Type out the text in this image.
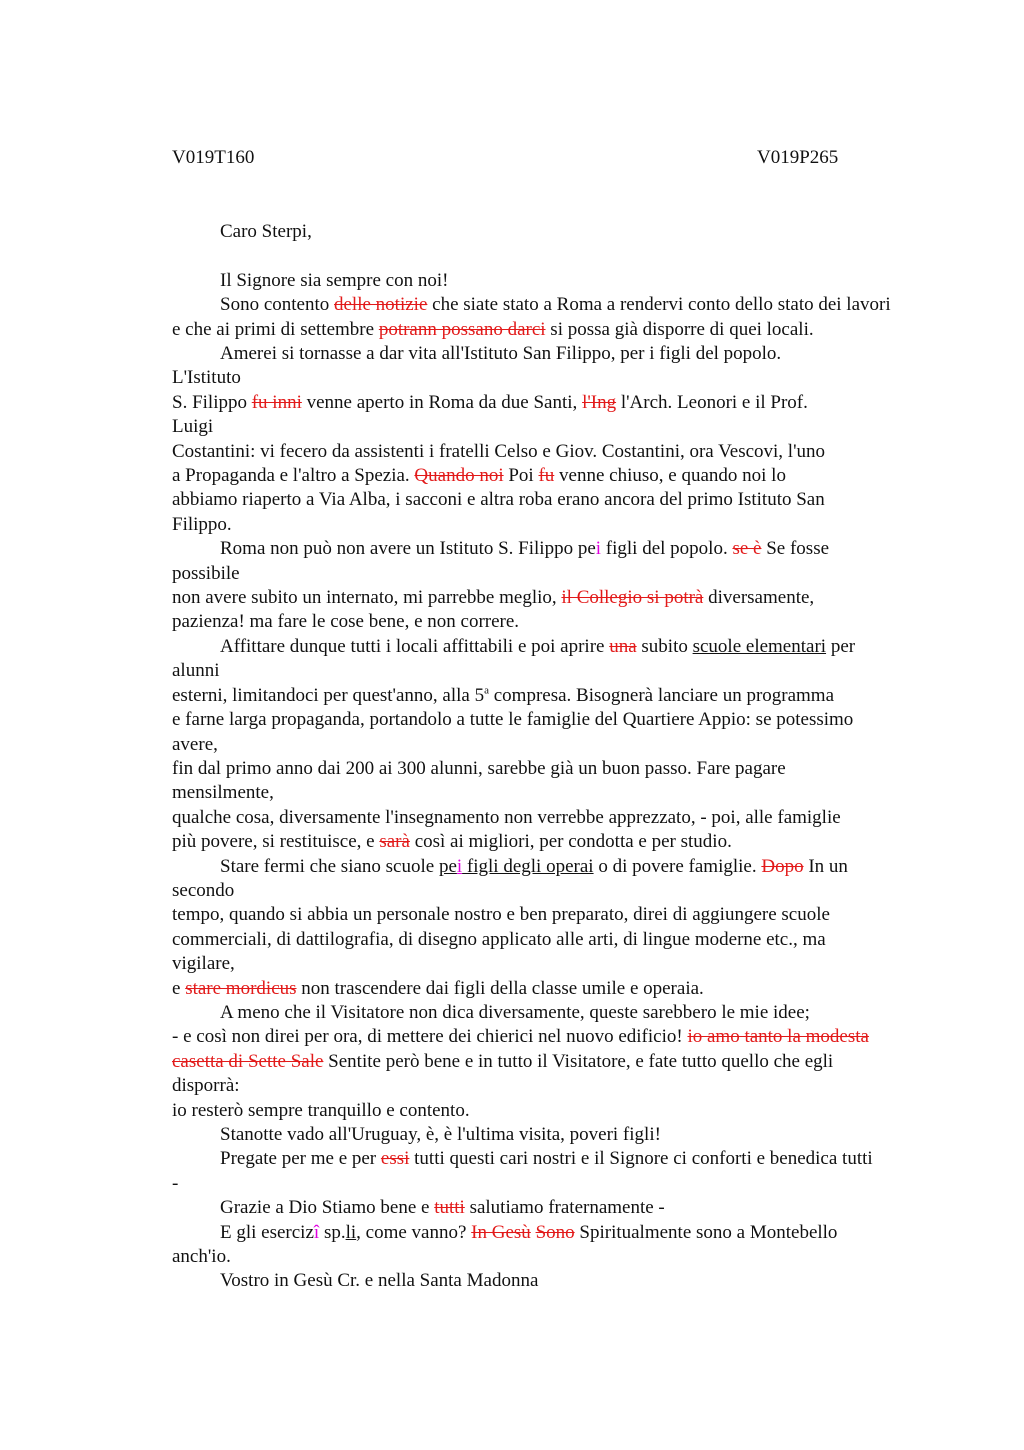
V019T160	V019P265
Caro Sterpi,
Il Signore sia sempre con noi!
Sono contento delle notizie che siate stato a Roma a rendervi conto dello stato dei lavori
e che ai primi di settembre potrann possano darci si possa già disporre di quei locali.
Amerei si tornasse a dar vita all'Istituto San Filippo, per i figli del popolo.
L'Istituto
S. Filippo fu inni venne aperto in Roma da due Santi, l'Ing l'Arch. Leonori e il Prof.
Luigi
Costantini: vi fecero da assistenti i fratelli Celso e Giov. Costantini, ora Vescovi, l'uno
a Propaganda e l'altro a Spezia. Quando noi Poi fu venne chiuso, e quando noi lo
abbiamo riaperto a Via Alba, i sacconi e altra roba erano ancora del primo Istituto San
Filippo.
Roma non può non avere un Istituto S. Filippo pei figli del popolo. se è Se fosse
possibile
non avere subito un internato, mi parrebbe meglio, il Collegio si potrà diversamente,
pazienza! ma fare le cose bene, e non correre.
Affittare dunque tutti i locali affittabili e poi aprire una subito scuole elementari per
alunni
esterni, limitandoci per quest'anno, alla 5$^a$ compresa. Bisognerà lanciare un programma
e farne larga propaganda, portandolo a tutte le famiglie del Quartiere Appio: se potessimo
avere,
fin dal primo anno dai 200 ai 300 alunni, sarebbe già un buon passo. Fare pagare
mensilmente,
qualche cosa, diversamente l'insegnamento non verrebbe apprezzato, - poi, alle famiglie
più povere, si restituisce, e sarà così ai migliori, per condotta e per studio.
Stare fermi che siano scuole pei figli degli operai o di povere famiglie. Dopo In un
secondo
tempo, quando si abbia un personale nostro e ben preparato, direi di aggiungere scuole
commerciali, di dattilografia, di disegno applicato alle arti, di lingue moderne etc., ma
vigilare,
e stare mordicus non trascendere dai figli della classe umile e operaia.
A meno che il Visitatore non dica diversamente, queste sarebbero le mie idee;
- e così non direi per ora, di mettere dei chierici nel nuovo edificio! io amo tanto la modesta
casetta di Sette Sale Sentite però bene e in tutto il Visitatore, e fate tutto quello che egli
disporrà:
io resterò sempre tranquillo e contento.
Stanotte vado all'Uruguay, è, è l'ultima visita, poveri figli!
Pregate per me e per essi tutti questi cari nostri e il Signore ci conforti e benedica tutti
-
Grazie a Dio Stiamo bene e tutti salutiamo fraternamente -
E gli esercizî sp.li, come vanno? In Gesù Sono Spiritualmente sono a Montebello
anch'io.
Vostro in Gesù Cr. e nella Santa Madonna
